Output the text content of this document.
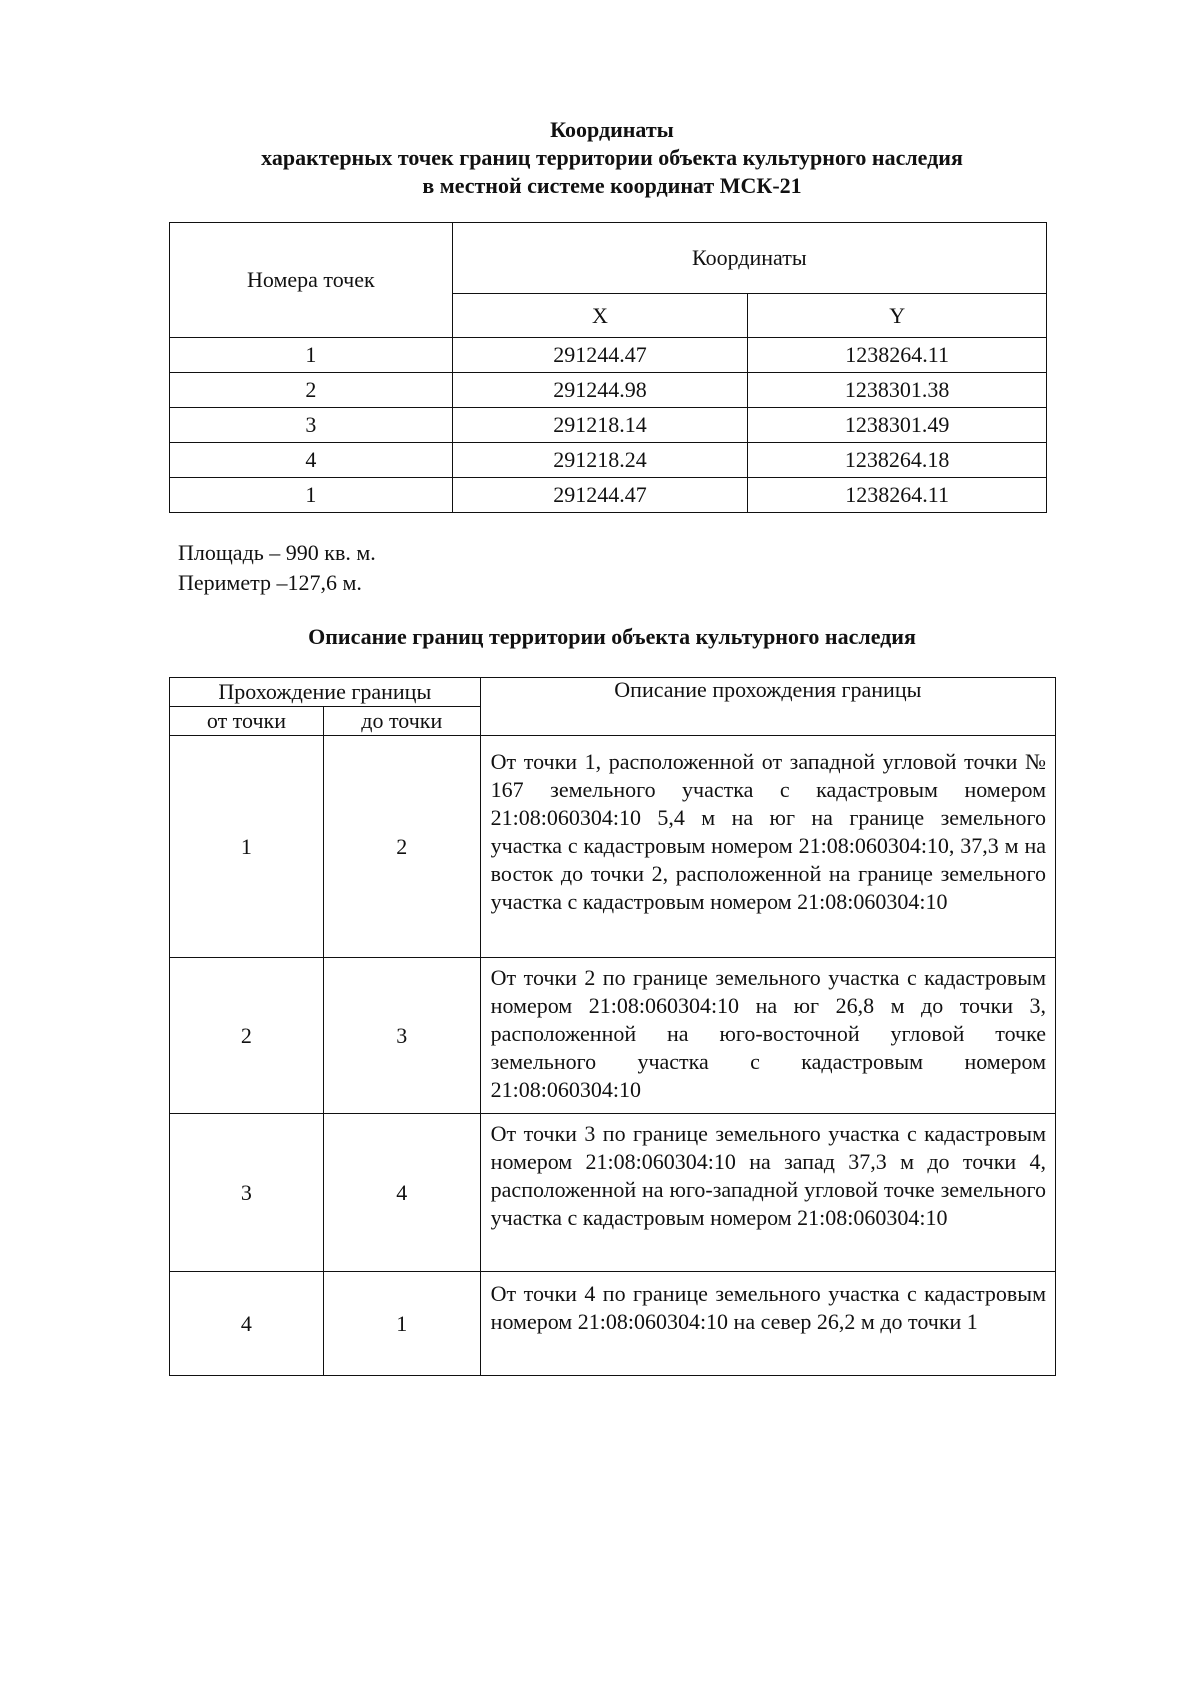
Координаты
характерных точек границ территории объекта культурного наследия
в местной системе координат МСК-21
Номера точек	Координаты	
	X	Y
1	291244.47	1238264.11
2	291244.98	1238301.38
3	291218.14	1238301.49
4	291218.24	1238264.18
1	291244.47	1238264.11
Площадь – 990 кв. м.
Периметр –127,6 м.
Описание границ территории объекта культурного наследия
Прохождение границы		Описание прохождения границы
от точки	до точки	
1	2	От точки 1, расположенной от западной угловой точки № 167 земельного участка с кадастровым номером 21:08:060304:10 5,4 м на юг на границе земельного участка с кадастровым номером 21:08:060304:10, 37,3 м на восток до точки 2, расположенной на границе земельного участка с кадастровым номером 21:08:060304:10
2	3	От точки 2 по границе земельного участка с кадастровым номером 21:08:060304:10 на юг 26,8 м до точки 3, расположенной на юго-восточной угловой точке земельного участка с кадастровым номером 21:08:060304:10
3	4	От точки 3 по границе земельного участка с кадастровым номером 21:08:060304:10 на запад 37,3 м до точки 4, расположенной на юго-западной угловой точке земельного участка с кадастровым номером 21:08:060304:10
4	1	От точки 4 по границе земельного участка с кадастровым номером 21:08:060304:10 на север 26,2 м до точки 1
